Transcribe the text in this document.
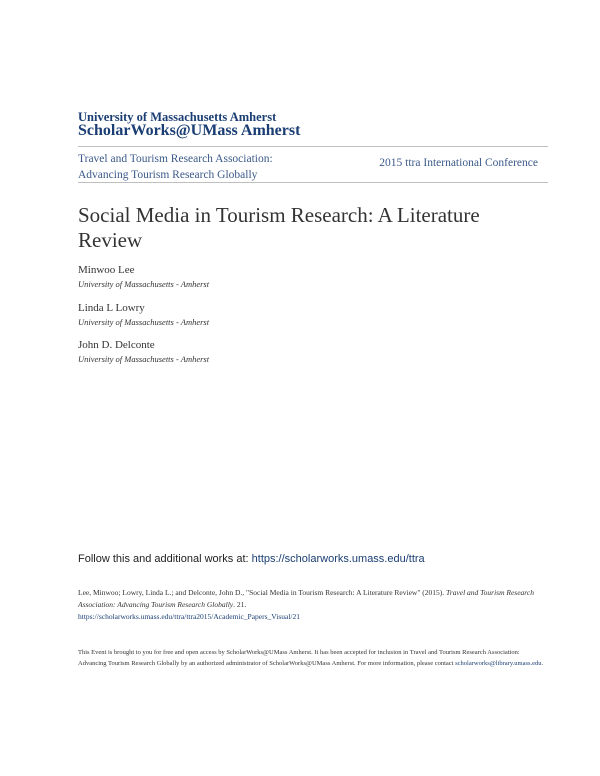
University of Massachusetts Amherst
ScholarWorks@UMass Amherst
Travel and Tourism Research Association:
Advancing Tourism Research Globally
2015 ttra International Conference
Social Media in Tourism Research: A Literature Review
Minwoo Lee
University of Massachusetts - Amherst
Linda L Lowry
University of Massachusetts - Amherst
John D. Delconte
University of Massachusetts - Amherst
Follow this and additional works at: https://scholarworks.umass.edu/ttra
Lee, Minwoo; Lowry, Linda L.; and Delconte, John D., "Social Media in Tourism Research: A Literature Review" (2015). Travel and Tourism Research Association: Advancing Tourism Research Globally. 21.
https://scholarworks.umass.edu/ttra/ttra2015/Academic_Papers_Visual/21
This Event is brought to you for free and open access by ScholarWorks@UMass Amherst. It has been accepted for inclusion in Travel and Tourism Research Association: Advancing Tourism Research Globally by an authorized administrator of ScholarWorks@UMass Amherst. For more information, please contact scholarworks@library.umass.edu.
